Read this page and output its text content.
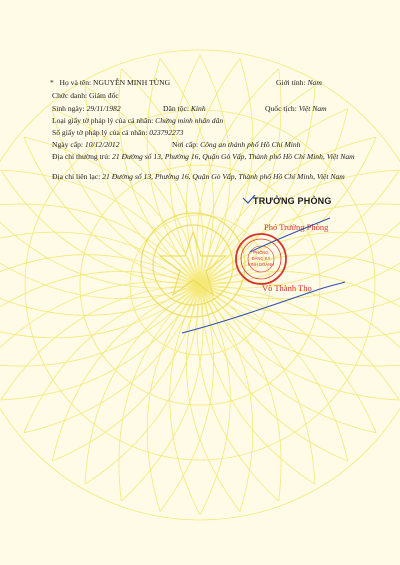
* Họ và tên: NGUYỄN MINH TÙNG	Giới tính: Nam
Chức danh: Giám đốc
Sinh ngày: 29/11/1982	Dân tộc: Kinh	Quốc tịch: Việt Nam
Loại giấy tờ pháp lý của cá nhân: Chứng minh nhân dân
Số giấy tờ pháp lý của cá nhân: 023792273
Ngày cấp: 10/12/2012	Nơi cấp: Công an thành phố Hồ Chí Minh
Địa chỉ thường trú: 21 Đường số 13, Phường 16, Quận Gò Vấp, Thành phố Hồ Chí Minh, Việt Nam
Địa chỉ liên lạc: 21 Đường số 13, Phường 16, Quận Gò Vấp, Thành phố Hồ Chí Minh, Việt Nam
TRƯỞNG PHÒNG
PHÒNG
ĐĂNG KÝ
KINH DOANH
Phó Trưởng Phòng
Võ Thành Thọ
